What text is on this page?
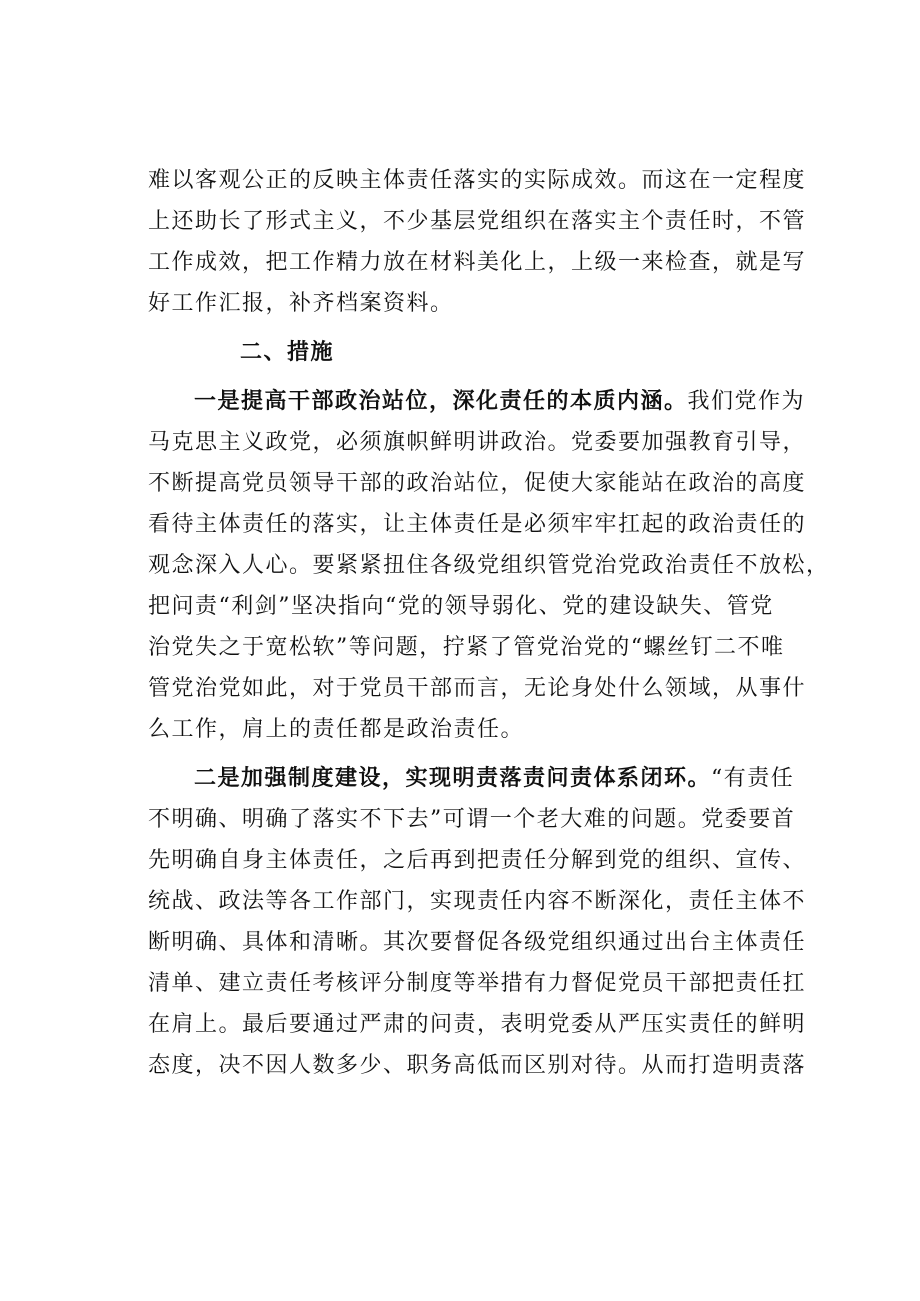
难以客观公正的反映主体责任落实的实际成效。而这在一定程度
上还助长了形式主义，不少基层党组织在落实主个责任时，不管
工作成效，把工作精力放在材料美化上，上级一来检查，就是写
好工作汇报，补齐档案资料。
二、措施
一是提高干部政治站位，深化责任的本质内涵。我们党作为
马克思主义政党，必须旗帜鲜明讲政治。党委要加强教育引导，
不断提高党员领导干部的政治站位，促使大家能站在政治的高度
看待主体责任的落实，让主体责任是必须牢牢扛起的政治责任的
观念深入人心。要紧紧扭住各级党组织管党治党政治责任不放松，
把问责“利剑”坚决指向“党的领导弱化、党的建设缺失、管党
治党失之于宽松软”等问题，拧紧了管党治党的“螺丝钉二不唯
管党治党如此，对于党员干部而言，无论身处什么领域，从事什
么工作，肩上的责任都是政治责任。
二是加强制度建设，实现明责落责问责体系闭环。“有责任
不明确、明确了落实不下去”可谓一个老大难的问题。党委要首
先明确自身主体责任，之后再到把责任分解到党的组织、宣传、
统战、政法等各工作部门，实现责任内容不断深化，责任主体不
断明确、具体和清晰。其次要督促各级党组织通过出台主体责任
清单、建立责任考核评分制度等举措有力督促党员干部把责任扛
在肩上。最后要通过严肃的问责，表明党委从严压实责任的鲜明
态度，决不因人数多少、职务高低而区别对待。从而打造明责落
